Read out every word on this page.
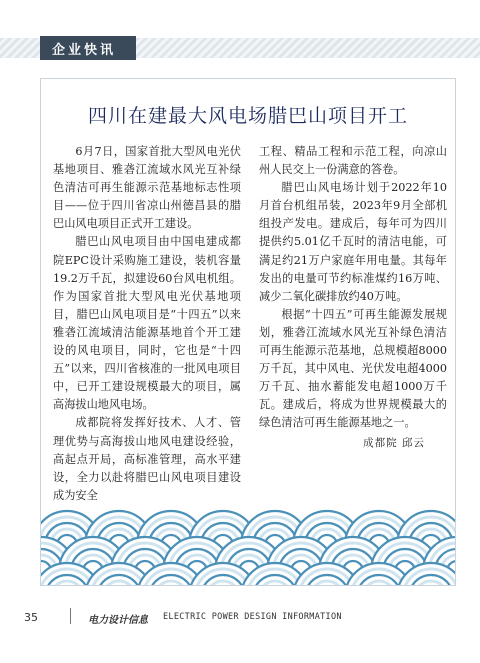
企业快讯
四川在建最大风电场腊巴山项目开工

6月7日，国家首批大型风电光伏基地项目、雅砻江流域水风光互补绿色清洁可再生能源示范基地标志性项目——位于四川省凉山州德昌县的腊巴山风电项目正式开工建设。

腊巴山风电项目由中国电建成都院EPC设计采购施工建设，装机容量19.2万千瓦，拟建设60台风电机组。作为国家首批大型风电光伏基地项目，腊巴山风电项目是“十四五”以来雅砻江流域清洁能源基地首个开工建设的风电项目，同时，它也是“十四五”以来，四川省核准的一批风电项目中，已开工建设规模最大的项目，属高海拔山地风电场。

成都院将发挥好技术、人才、管理优势与高海拔山地风电建设经验，高起点开局，高标准管理，高水平建设，全力以赴将腊巴山风电项目建设成为安全

工程、精品工程和示范工程，向凉山州人民交上一份满意的答卷。

腊巴山风电场计划于2022年10月首台机组吊装，2023年9月全部机组投产发电。建成后，每年可为四川提供约5.01亿千瓦时的清洁电能，可满足约21万户家庭年用电量。其每年发出的电量可节约标准煤约16万吨、减少二氧化碳排放约40万吨。

根据“十四五”可再生能源发展规划，雅砻江流域水风光互补绿色清洁可再生能源示范基地，总规模超8000万千瓦，其中风电、光伏发电超4000万千瓦、抽水蓄能发电超1000万千瓦。建成后，将成为世界规模最大的绿色清洁可再生能源基地之一。

成都院 邱云
35	电力设计信息 ELECTRIC POWER DESIGN INFORMATION
